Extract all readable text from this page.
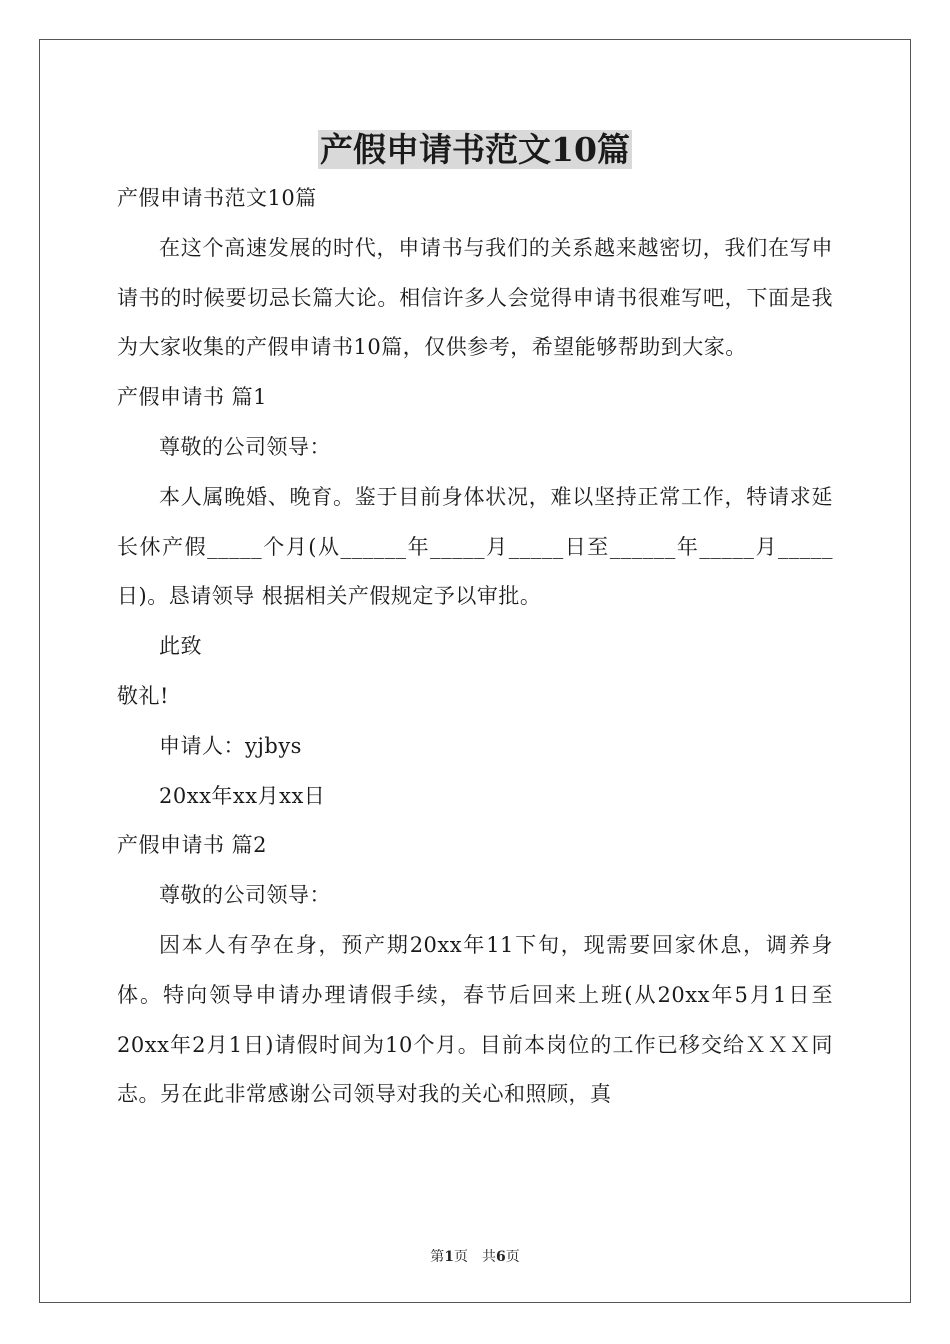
产假申请书范文10篇

产假申请书范文10篇

在这个高速发展的时代，申请书与我们的关系越来越密切，我们在写申请书的时候要切忌长篇大论。相信许多人会觉得申请书很难写吧，下面是我为大家收集的产假申请书10篇，仅供参考，希望能够帮助到大家。

产假申请书 篇1

尊敬的公司领导：

本人属晚婚、晚育。鉴于目前身体状况，难以坚持正常工作，特请求延长休产假_____个月(从______年_____月_____日至______年_____月_____日)。恳请领导 根据相关产假规定予以审批。

此致

敬礼!

申请人：yjbys

20xx年xx月xx日

产假申请书 篇2

尊敬的公司领导：

因本人有孕在身，预产期20xx年11下旬，现需要回家休息，调养身体。特向领导申请办理请假手续，春节后回来上班(从20xx年5月1日至20xx年2月1日)请假时间为10个月。目前本岗位的工作已移交给ＸＸＸ同志。另在此非常感谢公司领导对我的关心和照顾，真

第1页 共6页
